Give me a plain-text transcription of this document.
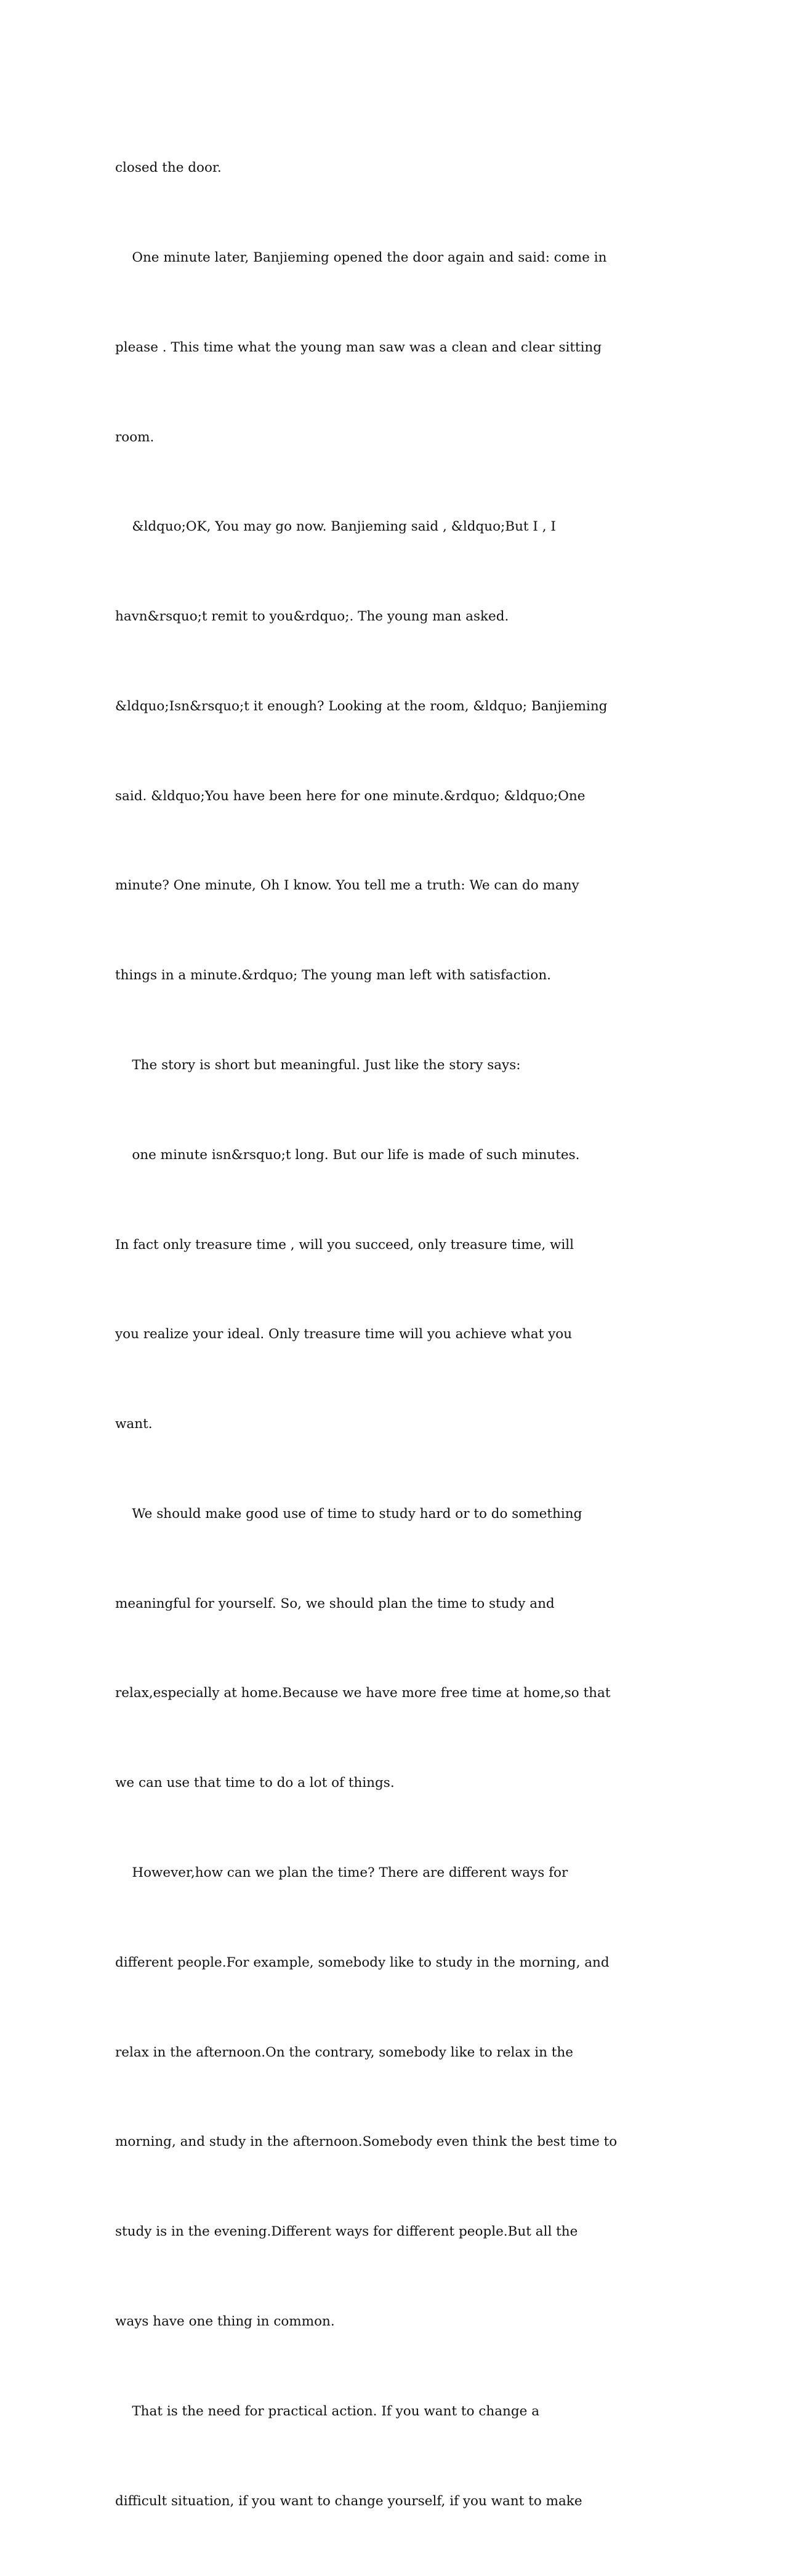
closed the door.

One minute later, Banjieming opened the door again and said: come in

please . This time what the young man saw was a clean and clear sitting

room.

&ldquo;OK, You may go now. Banjieming said , &ldquo;But I , I

havn&rsquo;t remit to you&rdquo;. The young man asked.

&ldquo;Isn&rsquo;t it enough? Looking at the room, &ldquo; Banjieming

said. &ldquo;You have been here for one minute.&rdquo; &ldquo;One

minute? One minute, Oh I know. You tell me a truth: We can do many

things in a minute.&rdquo; The young man left with satisfaction.

The story is short but meaningful. Just like the story says:

one minute isn&rsquo;t long. But our life is made of such minutes.

In fact only treasure time , will you succeed, only treasure time, will

you realize your ideal. Only treasure time will you achieve what you

want.

We should make good use of time to study hard or to do something

meaningful for yourself. So, we should plan the time to study and

relax,especially at home.Because we have more free time at home,so that

we can use that time to do a lot of things.

However,how can we plan the time? There are different ways for

different people.For example, somebody like to study in the morning, and

relax in the afternoon.On the contrary, somebody like to relax in the

morning, and study in the afternoon.Somebody even think the best time to

study is in the evening.Different ways for different people.But all the

ways have one thing in common.

That is the need for practical action. If you want to change a

difficult situation, if you want to change yourself, if you want to make
